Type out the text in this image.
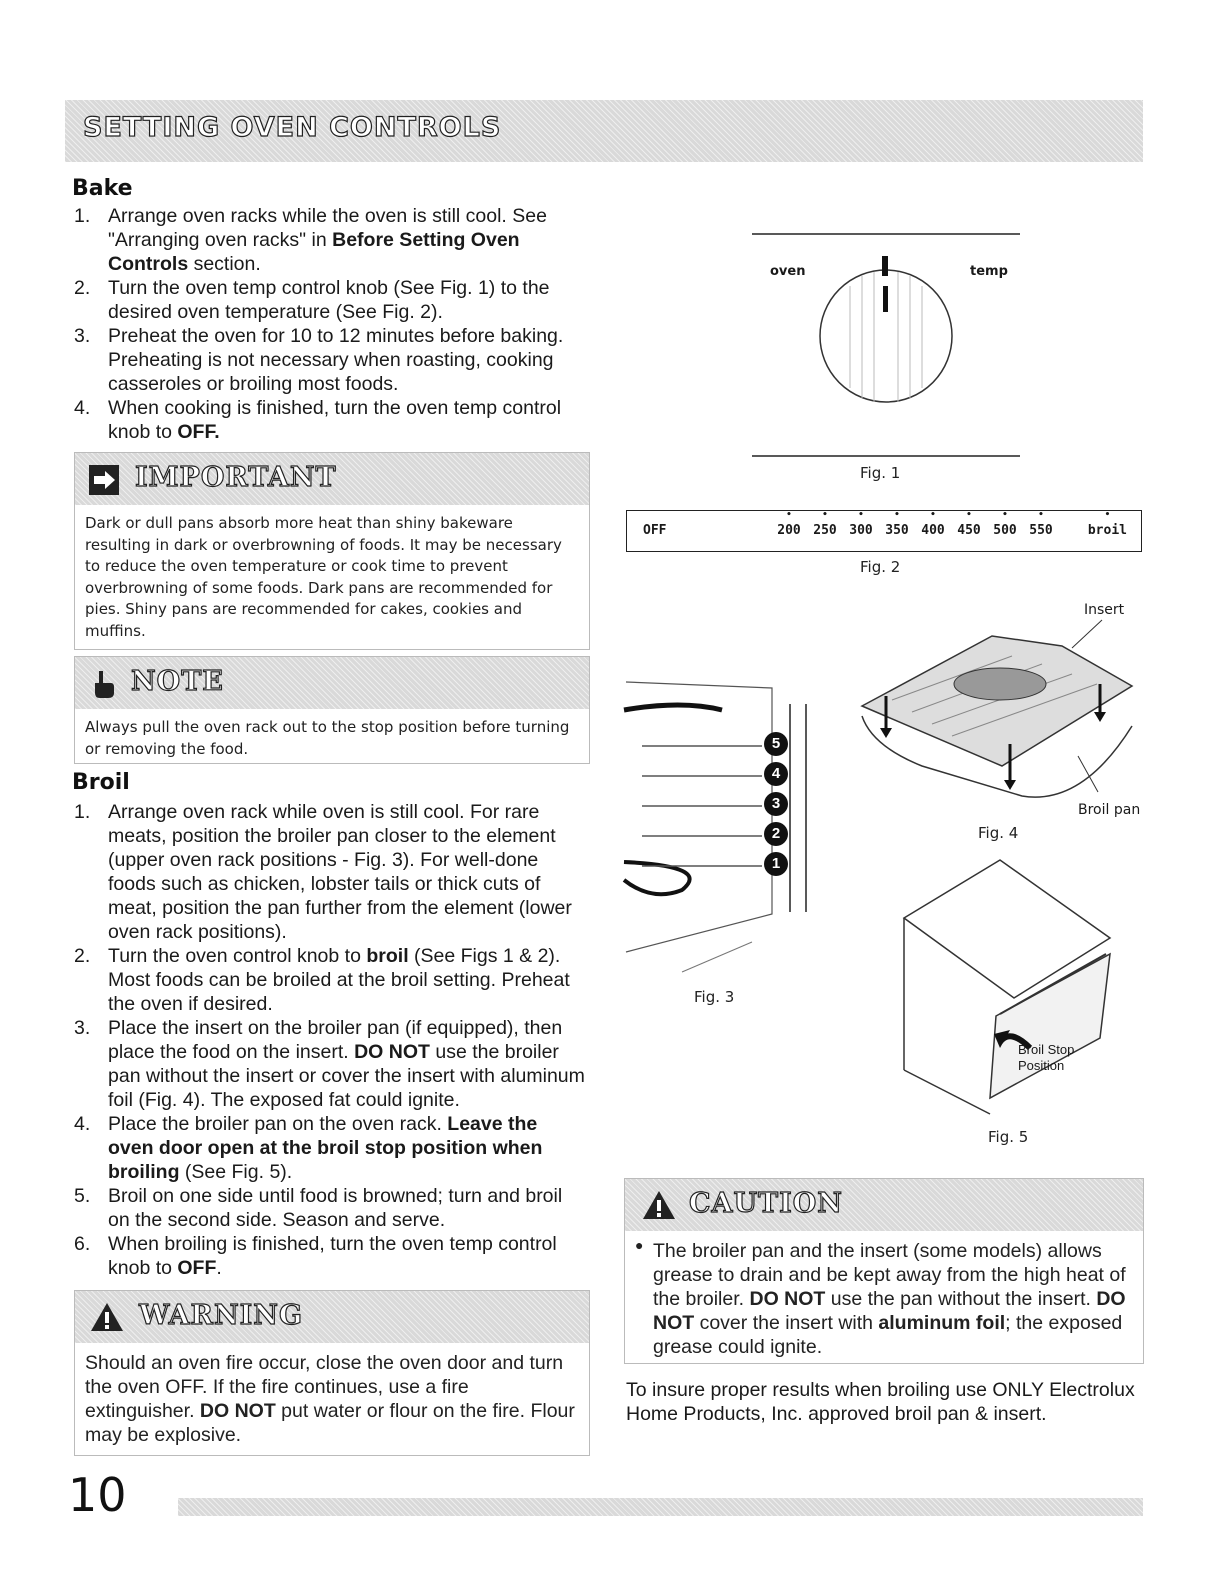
SETTING OVEN CONTROLS
Bake
1. Arrange oven racks while the oven is still cool. See "Arranging oven racks" in Before Setting Oven Controls section.
2. Turn the oven temp control knob (See Fig. 1) to the desired oven temperature (See Fig. 2).
3. Preheat the oven for 10 to 12 minutes before baking. Preheating is not necessary when roasting, cooking casseroles or broiling most foods.
4. When cooking is finished, turn the oven temp control knob to OFF.
IMPORTANT
Dark or dull pans absorb more heat than shiny bakeware resulting in dark or overbrowning of foods. It may be necessary to reduce the oven temperature or cook time to prevent overbrowning of some foods. Dark pans are recommended for pies. Shiny pans are recommended for cakes, cookies and muffins.
NOTE
Always pull the oven rack out to the stop position before turning or removing the food.
Broil
1. Arrange oven rack while oven is still cool. For rare meats, position the broiler pan closer to the element (upper oven rack positions - Fig. 3). For well-done foods such as chicken, lobster tails or thick cuts of meat, position the pan further from the element (lower oven rack positions).
2. Turn the oven control knob to broil (See Figs 1 & 2). Most foods can be broiled at the broil setting. Preheat the oven if desired.
3. Place the insert on the broiler pan (if equipped), then place the food on the insert. DO NOT use the broiler pan without the insert or cover the insert with aluminum foil (Fig. 4). The exposed fat could ignite.
4. Place the broiler pan on the oven rack. Leave the oven door open at the broil stop position when broiling (See Fig. 5).
5. Broil on one side until food is browned; turn and broil on the second side. Season and serve.
6. When broiling is finished, turn the oven temp control knob to OFF.
WARNING
Should an oven fire occur, close the oven door and turn the oven OFF. If the fire continues, use a fire extinguisher. DO NOT put water or flour on the fire. Flour may be explosive.
oven	temp
Fig. 1
OFF	• 200 • 250 • 300 • 350 • 400 • 450 • 500 • 550	• broil
Fig. 2
5
4
3
2
1
Fig. 3
Insert
Broil pan
Fig. 4
Broil Stop
Position
Fig. 5
CAUTION
● The broiler pan and the insert (some models) allows grease to drain and be kept away from the high heat of the broiler. DO NOT use the pan without the insert. DO NOT cover the insert with aluminum foil; the exposed grease could ignite.
To insure proper results when broiling use ONLY Electrolux Home Products, Inc. approved broil pan & insert.
10
